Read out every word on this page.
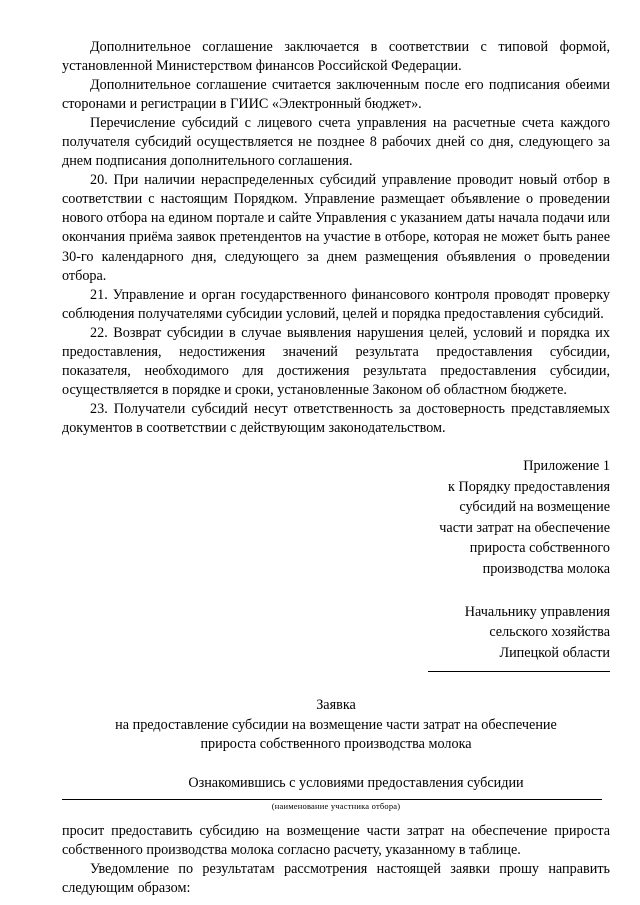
Дополнительное соглашение заключается в соответствии с типовой формой, установленной Министерством финансов Российской Федерации.

Дополнительное соглашение считается заключенным после его подписания обеими сторонами и регистрации в ГИИС «Электронный бюджет».

Перечисление субсидий с лицевого счета управления на расчетные счета каждого получателя субсидий осуществляется не позднее 8 рабочих дней со дня, следующего за днем подписания дополнительного соглашения.

20. При наличии нераспределенных субсидий управление проводит новый отбор в соответствии с настоящим Порядком. Управление размещает объявление о проведении нового отбора на едином портале и сайте Управления с указанием даты начала подачи или окончания приёма заявок претендентов на участие в отборе, которая не может быть ранее 30-го календарного дня, следующего за днем размещения объявления о проведении отбора.

21. Управление и орган государственного финансового контроля проводят проверку соблюдения получателями субсидии условий, целей и порядка предоставления субсидий.

22. Возврат субсидии в случае выявления нарушения целей, условий и порядка их предоставления, недостижения значений результата предоставления субсидии, показателя, необходимого для достижения результата предоставления субсидии, осуществляется в порядке и сроки, установленные Законом об областном бюджете.

23. Получатели субсидий несут ответственность за достоверность представляемых документов в соответствии с действующим законодательством.

Приложение 1
к Порядку предоставления
субсидий на возмещение
части затрат на обеспечение
прироста собственного
производства молока
Начальнику управления
сельского хозяйства
Липецкой области
Заявка
на предоставление субсидии на возмещение части затрат на обеспечение
прироста собственного производства молока
Ознакомившись с условиями предоставления субсидии
(наименование участника отбора)

просит предоставить субсидию на возмещение части затрат на обеспечение прироста собственного производства молока согласно расчету, указанному в таблице.

Уведомление по результатам рассмотрения настоящей заявки прошу направить следующим образом:
